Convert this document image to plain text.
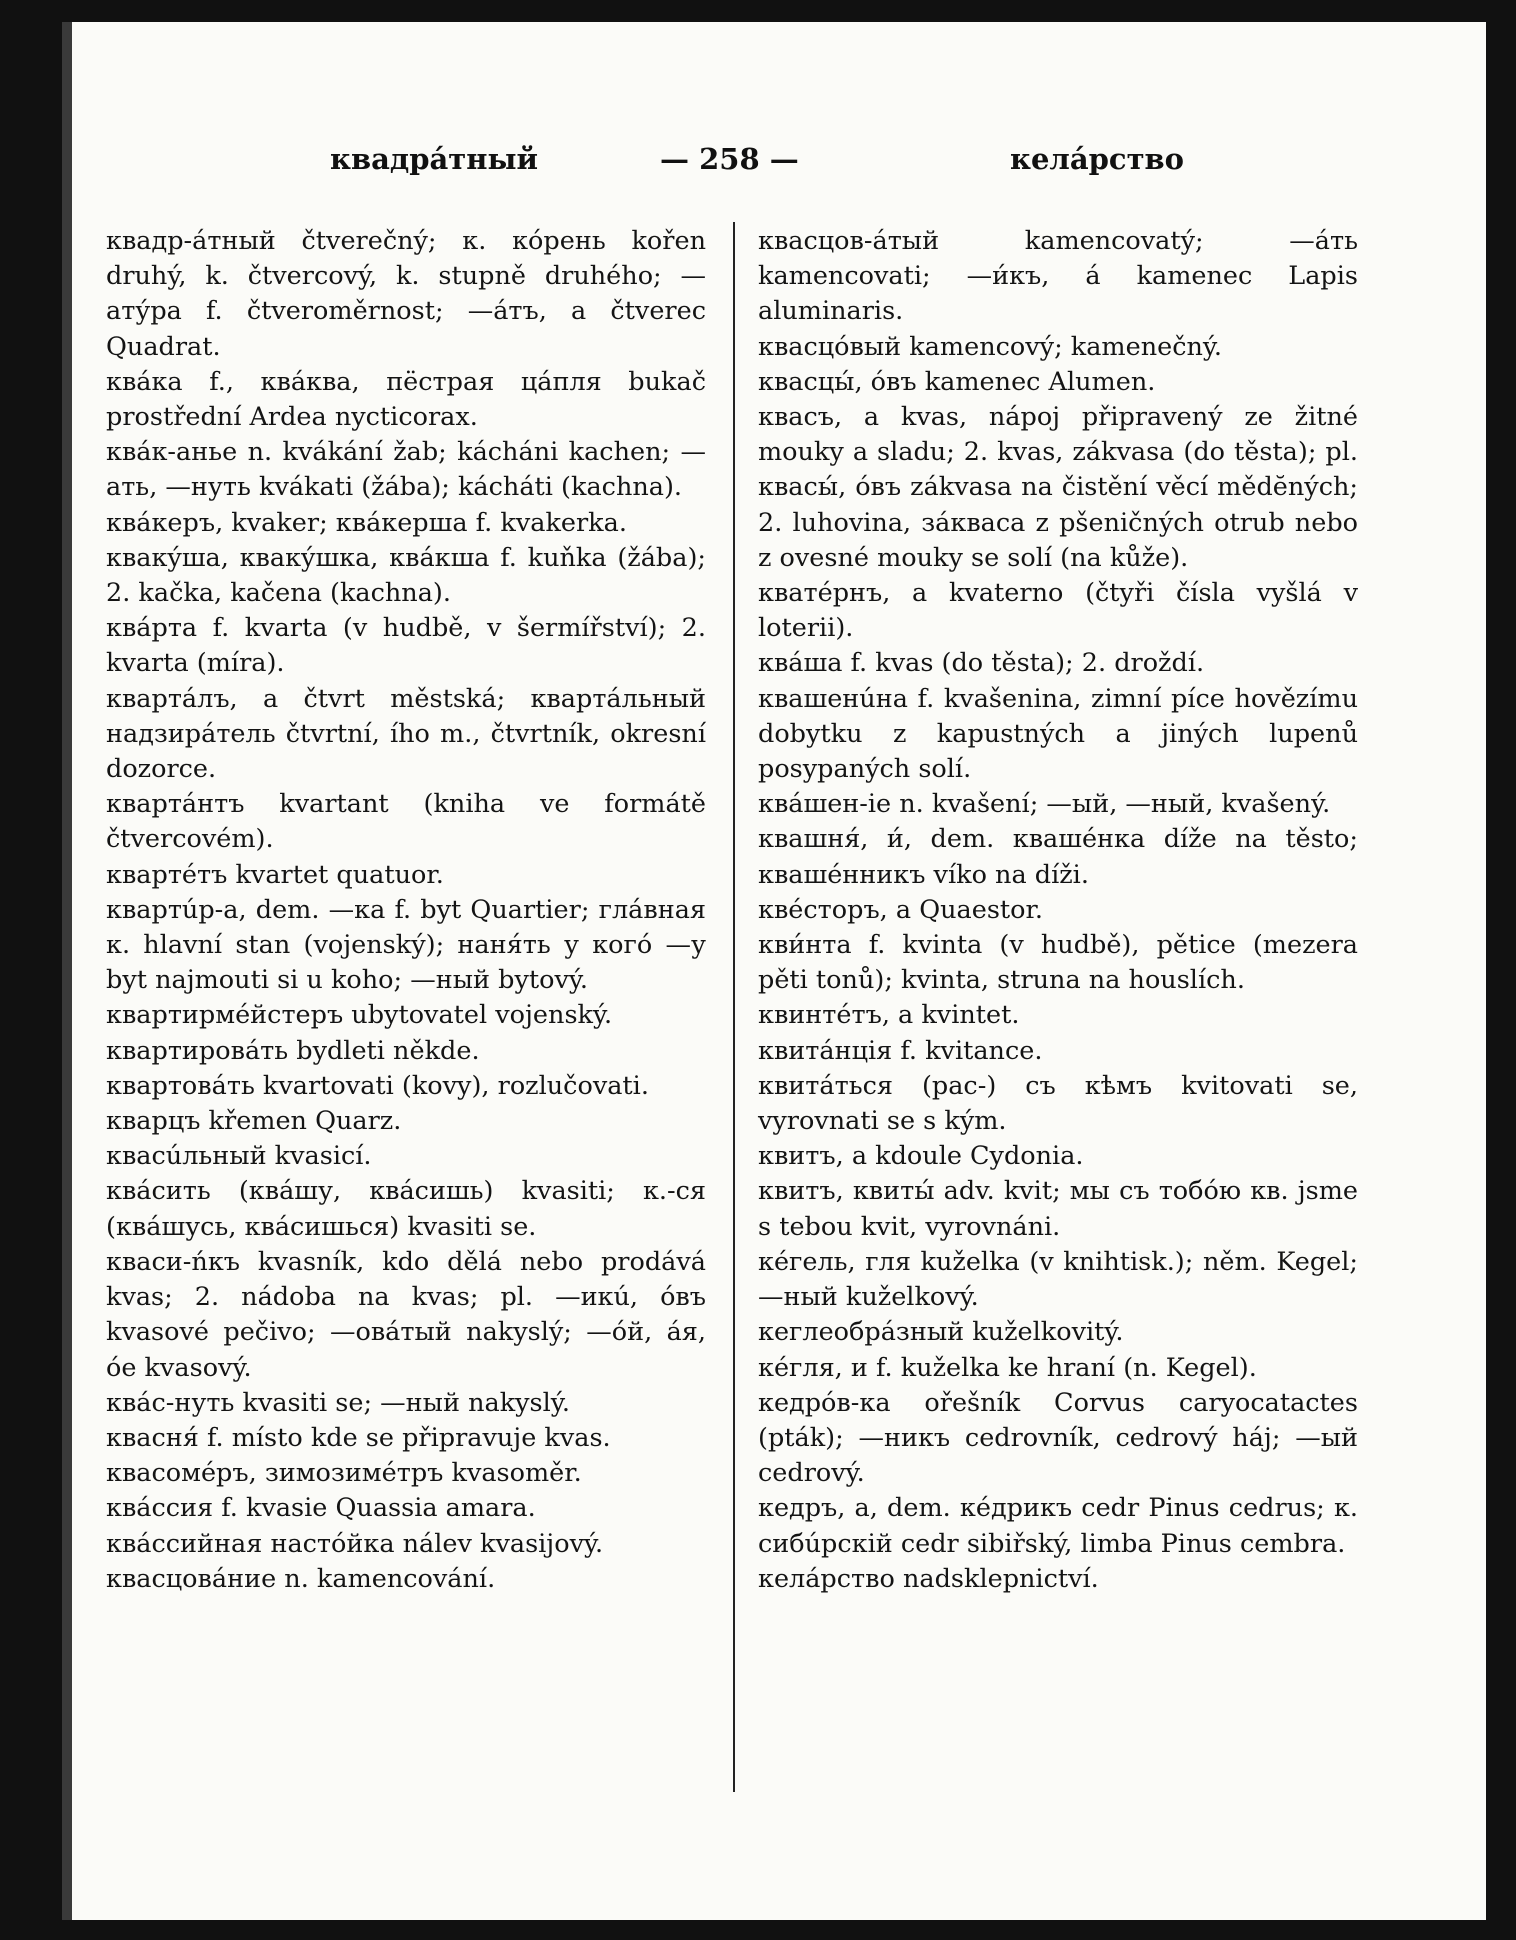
квадра́тный	— 258 —	кела́рство

квадр-а́тный čtverečný; к. ко́рень kořen druhý, k. čtvercový, k. stupně druhého; —ату́ра f. čtveroměrnost; —а́тъ, a čtverec Quadrat.

ква́ка f., ква́ква, пёстрая ца́пля bukač prostřední Ardea nycticorax.

ква́к-анье n. kvákání žab; kácháni kachen; —ать, —нуть kvákati (žába); kácháti (kachna).

ква́керъ, kvaker; ква́керша f. kvakerka.

квакýша, квакýшка, ква́кша f. kuňka (žába); 2. kačka, kačena (kachna).

ква́рта f. kvarta (v hudbě, v šermířství); 2. kvarta (míra).

квартáлъ, a čtvrt městská; квартáльный надзира́тель čtvrtní, ího m., čtvrtník, okresní dozorce.

квартáнтъ kvartant (kniha ve formátě čtvercovém).

квартéтъ kvartet quatuor.

квартúр-а, dem. —ка f. byt Quartier; гла́вная к. hlavní stan (vojenský); наня́ть у кого́ —у byt najmouti si u koho; —ный bytový.

квартирмéйстеръ ubytovatel vojenský.

квартировáть bydleti někde.

квартовáть kvartovati (kovy), rozlučovati.

кварцъ křemen Quarz.

квасúльный kvasicí.

квáсить (квáшу, квáсишь) kvasiti; к.-ся (квáшусь, квáсишься) kvasiti se.

кваси-ńкъ kvasník, kdo dělá nebo prodává kvas; 2. nádoba na kvas; pl. —икú, о́въ kvasové pečivo; —ова́тый nakyslý; —о́й, áя, о́е kvasový.

квáс-нуть kvasiti se; —ный nakyslý.

квасня́ f. místo kde se připravuje kvas.

квасомéръ, зимозимéтръ kvasoměr.

квáссия f. kvasie Quassia amara.

квáссийная настóйка nálev kvasijový.

квасцовáние n. kamencování.

квасцов-áтый kamencovatý; —áть kamencovati; —и́къ, á kamenec Lapis aluminaris.

квасцóвый kamencový; kamenečný.

квасцы́, óвъ kamenec Alumen.

квасъ, a kvas, nápoj připravený ze žitné mouky a sladu; 2. kvas, zákvasa (do těsta); pl. квасы́, óвъ zákvasa na čistění věcí mědĕných; 2. luhovina, зáквасa z pšeničných otrub nebo z ovesné mouky se solí (na kůže).

кватéрнъ, a kvaterno (čtyři čísla vyšlá v loterii).

квáша f. kvas (do těsta); 2. droždí.

квашенúна f. kvašenina, zimní píce hovězímu dobytku z kapustných a jiných lupenů posypaných solí.

квáшен-ie n. kvašení; —ый, —ный, kvašený.

квашня́, и́, dem. квашéнка díže na těsto; квашéнникъ víko na díži.

квéсторъ, a Quaestor.

кви́нта f. kvinta (v hudbě), pětice (mezera pěti tonů); kvinta, struna na houslích.

квинтéтъ, a kvintet.

квитáнція f. kvitance.

квитáться (рас-) съ кѣмъ kvitovati se, vyrovnati se s kým.

квитъ, a kdoule Cydonia.

квитъ, квиты́ adv. kvit; мы съ тобóю кв. jsme s tebou kvit, vyrovnáni.

кéгель, гля kuželka (v knihtisk.); něm. Kegel; —ный kuželkový.

кеглеобрáзный kuželkovitý.

кéгля, и f. kuželka ke hraní (n. Kegel).

кедрóв-ка ořešník Corvus caryocatactes (pták); —никъ cedrovník, cedrový háj; —ый cedrový.

кедръ, a, dem. кéдрикъ cedr Pinus cedrus; к. сибúрскій cedr sibiřský, limba Pinus cembra.

келáрство nadsklepnictví.
